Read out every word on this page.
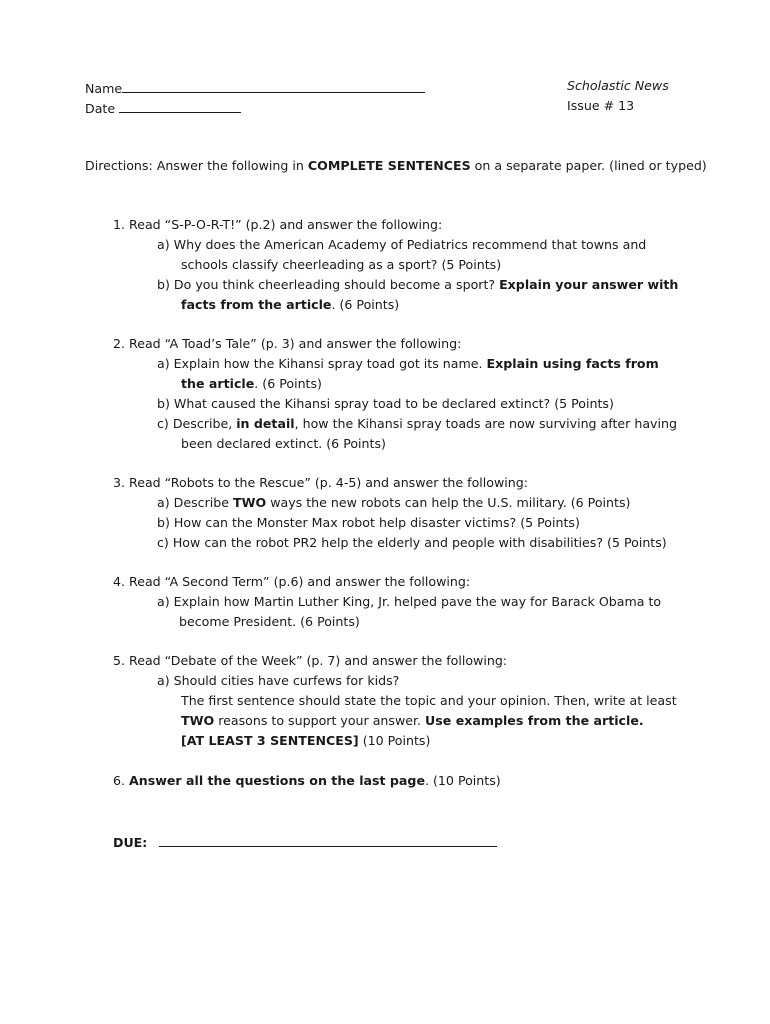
Name
Date
Scholastic News
Issue # 13
Directions: Answer the following in COMPLETE SENTENCES on a separate paper. (lined or typed)
1. Read “S-P-O-R-T!” (p.2) and answer the following:
a) Why does the American Academy of Pediatrics recommend that towns and
schools classify cheerleading as a sport? (5 Points)
b) Do you think cheerleading should become a sport? Explain your answer with
facts from the article. (6 Points)
2. Read “A Toad’s Tale” (p. 3) and answer the following:
a) Explain how the Kihansi spray toad got its name. Explain using facts from
the article. (6 Points)
b) What caused the Kihansi spray toad to be declared extinct? (5 Points)
c) Describe, in detail, how the Kihansi spray toads are now surviving after having
been declared extinct. (6 Points)
3. Read “Robots to the Rescue” (p. 4-5) and answer the following:
a) Describe TWO ways the new robots can help the U.S. military. (6 Points)
b) How can the Monster Max robot help disaster victims? (5 Points)
c) How can the robot PR2 help the elderly and people with disabilities? (5 Points)
4. Read “A Second Term” (p.6) and answer the following:
a) Explain how Martin Luther King, Jr. helped pave the way for Barack Obama to
become President. (6 Points)
5. Read “Debate of the Week” (p. 7) and answer the following:
a) Should cities have curfews for kids?
The first sentence should state the topic and your opinion. Then, write at least
TWO reasons to support your answer. Use examples from the article.
[AT LEAST 3 SENTENCES] (10 Points)
6. Answer all the questions on the last page. (10 Points)
DUE:
